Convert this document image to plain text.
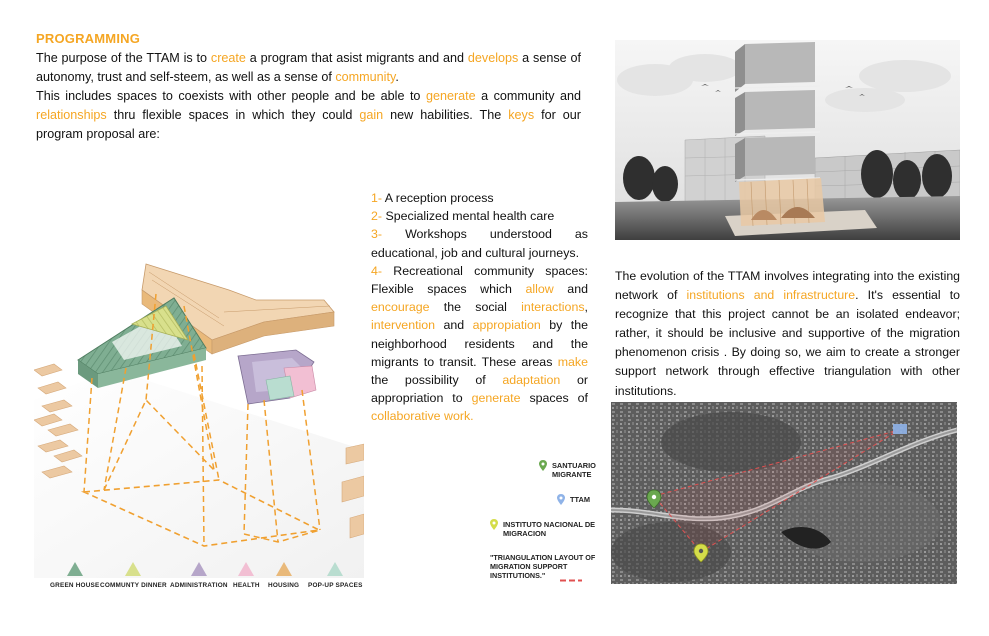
PROGRAMMING

The purpose of the TTAM is to create a program that asist migrants and and develops a sense of autonomy, trust and self-steem, as well as a sense of community.

This includes spaces to coexists with other people and be able to generate a community and relationships thru flexible spaces in which they could gain new habilities. The keys for our program proposal are:

1- A reception process

2- Specialized mental health care

3- Workshops understood as educational, job and cultural journeys.

4- Recreational community spaces: Flexible spaces which allow and encourage the social interactions, intervention and appropiation by the neighborhood residents and the migrants to transit. These areas make the possibility of adaptation or appropriation to generate spaces of collaborative work.

The evolution of the TTAM involves integrating into the existing network of institutions and infrastructure. It's essential to recognize that this project cannot be an isolated endeavor; rather, it should be inclusive and supportive of the migration phenomenon crisis . By doing so, we aim to create a stronger support network through effective triangulation with other institutions.

SANTUARIO MIGRANTE
TTAM
INSTITUTO NACIONAL DE MIGRACION
"TRIANGULATION LAYOUT OF MIGRATION SUPPORT INSTITUTIONS."
GREEN HOUSE COMMUNTY DINNER ADMINISTRATION HEALTH HOUSING POP-UP SPACES
